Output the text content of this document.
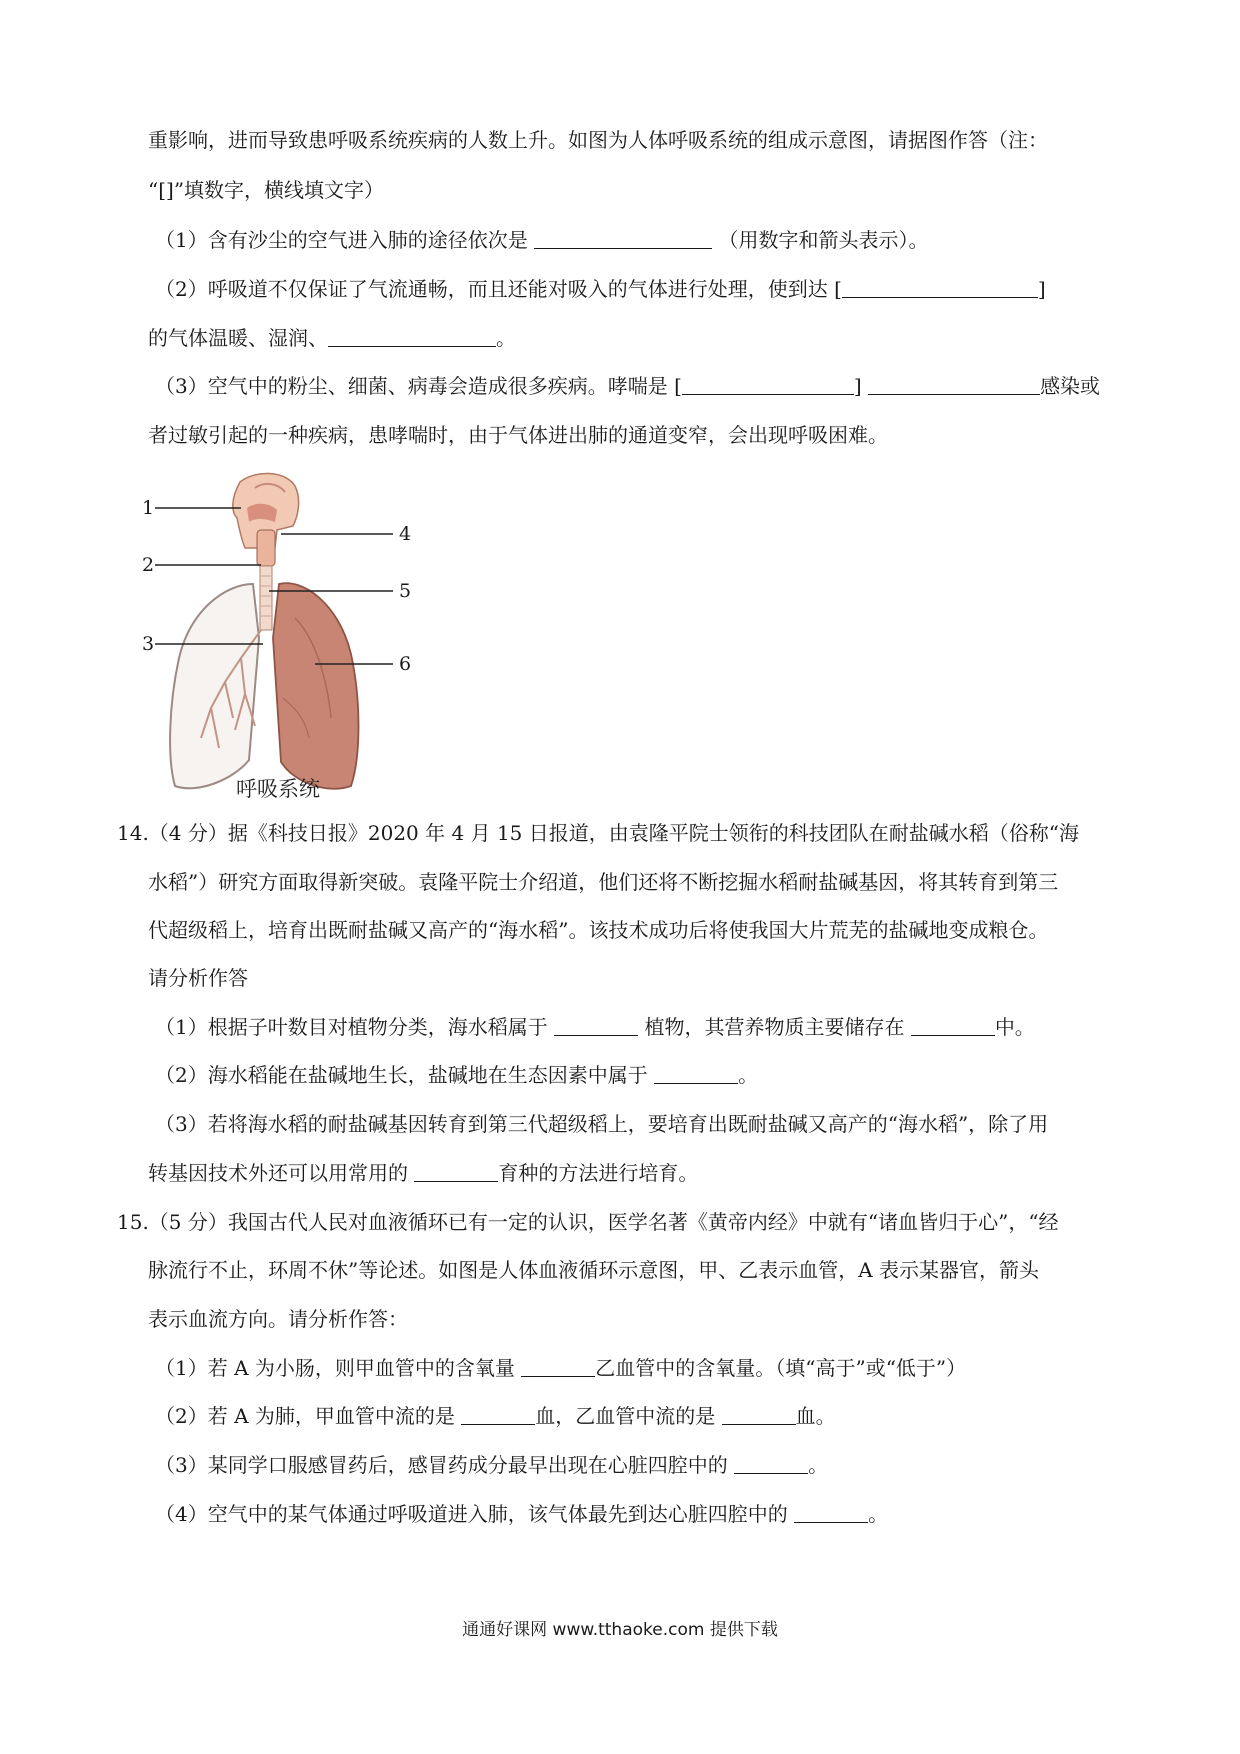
重影响，进而导致患呼吸系统疾病的人数上升。如图为人体呼吸系统的组成示意图，请据图作答（注：
“[]”填数字，横线填文字）
（1）含有沙尘的空气进入肺的途径依次是	（用数字和箭头表示）。
（2）呼吸道不仅保证了气流通畅，而且还能对吸入的气体进行处理，使到达 [	]
的气体温暖、湿润、	。
（3）空气中的粉尘、细菌、病毒会造成很多疾病。哮喘是 [	]	感染或
者过敏引起的一种疾病，患哮喘时，由于气体进出肺的通道变窄，会出现呼吸困难。
1
2
3
4
5
6
呼吸系统
14.（4 分）据《科技日报》2020 年 4 月 15 日报道，由袁隆平院士领衔的科技团队在耐盐碱水稻（俗称“海
水稻”）研究方面取得新突破。袁隆平院士介绍道，他们还将不断挖掘水稻耐盐碱基因，将其转育到第三
代超级稻上，培育出既耐盐碱又高产的“海水稻”。该技术成功后将使我国大片荒芜的盐碱地变成粮仓。
请分析作答
（1）根据子叶数目对植物分类，海水稻属于	植物，其营养物质主要储存在	中。
（2）海水稻能在盐碱地生长，盐碱地在生态因素中属于	。
（3）若将海水稻的耐盐碱基因转育到第三代超级稻上，要培育出既耐盐碱又高产的“海水稻”，除了用
转基因技术外还可以用常用的	育种的方法进行培育。
15.（5 分）我国古代人民对血液循环已有一定的认识，医学名著《黄帝内经》中就有“诸血皆归于心”，“经
脉流行不止，环周不休”等论述。如图是人体血液循环示意图，甲、乙表示血管，A 表示某器官，箭头
表示血流方向。请分析作答：
（1）若 A 为小肠，则甲血管中的含氧量	乙血管中的含氧量。（填“高于”或“低于”）
（2）若 A 为肺，甲血管中流的是	血，乙血管中流的是	血。
（3）某同学口服感冒药后，感冒药成分最早出现在心脏四腔中的	。
（4）空气中的某气体通过呼吸道进入肺，该气体最先到达心脏四腔中的	。
通通好课网 www.tthaoke.com 提供下载
